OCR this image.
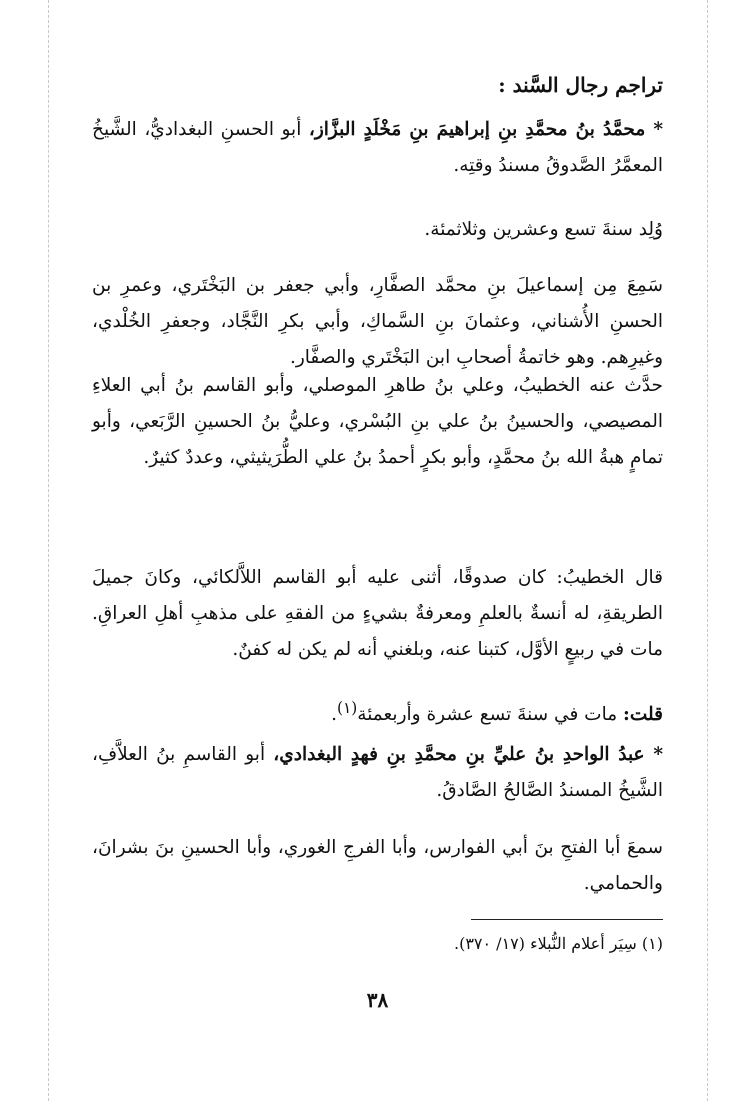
تراجم رجال السَّند :
* محمَّدُ بنُ محمَّدِ بنِ إبراهيمَ بنِ مَخْلَدٍ البزَّاز، أبو الحسنِ البغداديُّ، الشَّيخُ المعمَّرُ الصَّدوقُ مسندُ وقتِه.
وُلِد سنةَ تسع وعشرين وثلاثمئة.
سَمِعَ مِن إسماعيلَ بنِ محمَّد الصفَّارِ، وأبي جعفر بن البَخْتَري، وعمرِ بن الحسنِ الأُشناني، وعثمانَ بنِ السَّماكِ، وأبي بكرِ النَّجَّاد، وجعفرِ الخُلْدي، وغيرِهم. وهو خاتمةُ أصحابِ ابن البَخْتَري والصفَّار.
حدَّث عنه الخطيبُ، وعلي بنُ طاهرِ الموصلي، وأبو القاسم بنُ أبي العلاءِ المصيصي، والحسينُ بنُ علي بنِ البُسْري، وعليُّ بنُ الحسينِ الرَّبَعي، وأبو تمامٍ هبةُ الله بنُ محمَّدٍ، وأبو بكرٍ أحمدُ بنُ علي الطُّرَيثيثي، وعددٌ كثيرٌ.
قال الخطيبُ: كان صدوقًا، أثنى عليه أبو القاسم اللاَّلكائي، وكانَ جميلَ الطريقةِ، له أنسةٌ بالعلمِ ومعرفةٌ بشيءٍ من الفقهِ على مذهبِ أهلِ العراقِ. مات في ربيعٍ الأوَّل، كتبنا عنه، وبلغني أنه لم يكن له كفنٌ.
قلت: مات في سنةَ تسع عشرة وأربعمئة$^{(١)}$.
* عبدُ الواحدِ بنُ عليِّ بنِ محمَّدِ بنِ فهدٍ البغدادي، أبو القاسمِ بنُ العلاَّفِ، الشَّيخُ المسندُ الصَّالحُ الصَّادقُ.
سمعَ أبا الفتحِ بنَ أبي الفوارس، وأبا الفرجِ الغوري، وأبا الحسينِ بنَ بشرانَ، والحمامي.
(١) سِيَر أعلام النُّبلاء (١٧/ ٣٧٠).
٣٨
